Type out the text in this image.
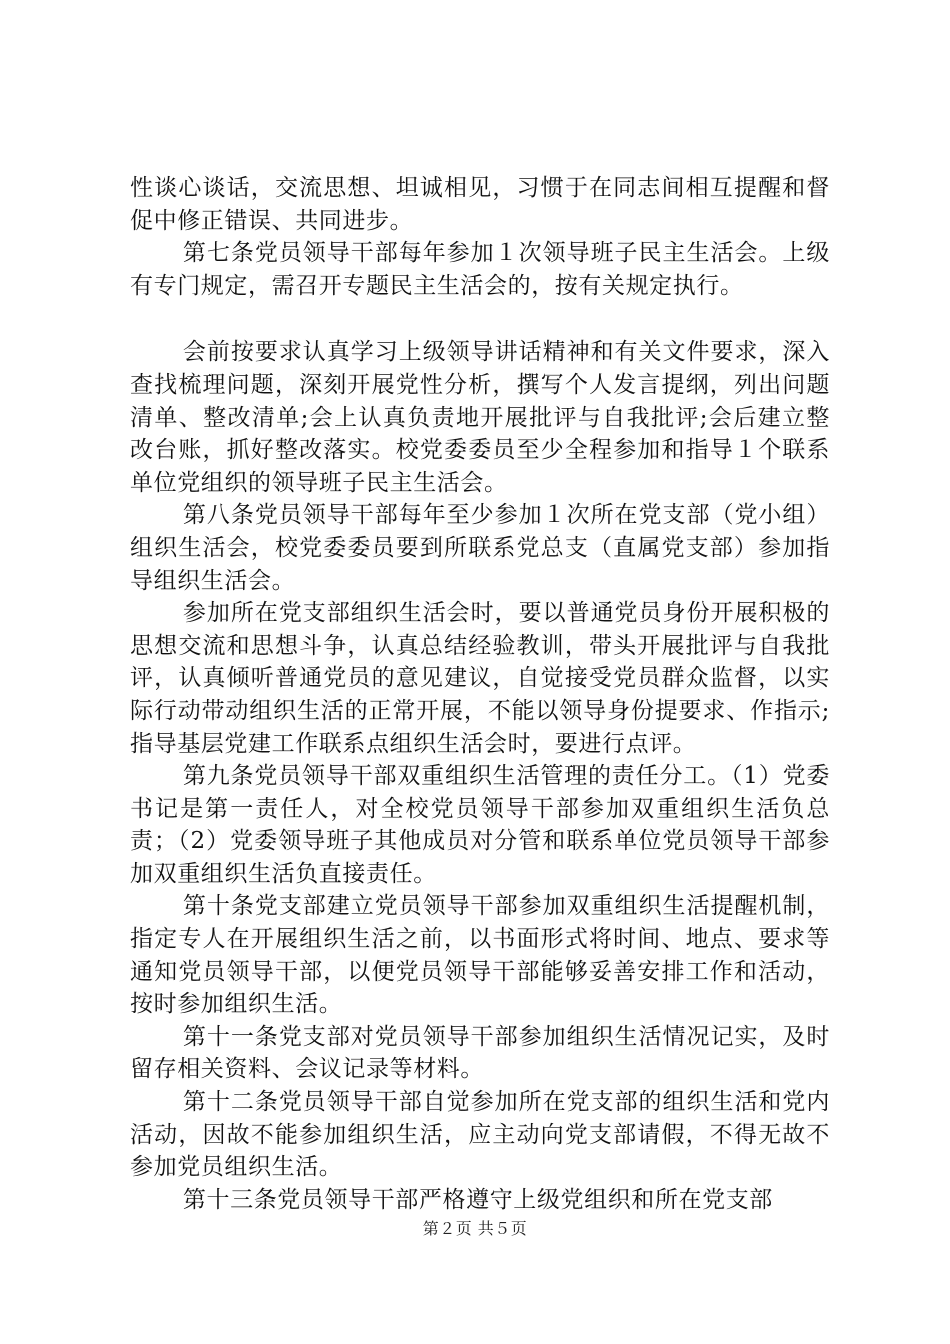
性谈心谈话，交流思想、坦诚相见，习惯于在同志间相互提醒和督促中修正错误、共同进步。

第七条党员领导干部每年参加１次领导班子民主生活会。上级有专门规定，需召开专题民主生活会的，按有关规定执行。

会前按要求认真学习上级领导讲话精神和有关文件要求，深入查找梳理问题，深刻开展党性分析，撰写个人发言提纲，列出问题清单、整改清单;会上认真负责地开展批评与自我批评;会后建立整改台账，抓好整改落实。校党委委员至少全程参加和指导１个联系单位党组织的领导班子民主生活会。

第八条党员领导干部每年至少参加１次所在党支部（党小组）组织生活会，校党委委员要到所联系党总支（直属党支部）参加指导组织生活会。

参加所在党支部组织生活会时，要以普通党员身份开展积极的思想交流和思想斗争，认真总结经验教训，带头开展批评与自我批评，认真倾听普通党员的意见建议，自觉接受党员群众监督，以实际行动带动组织生活的正常开展，不能以领导身份提要求、作指示;指导基层党建工作联系点组织生活会时，要进行点评。

第九条党员领导干部双重组织生活管理的责任分工。（1）党委书记是第一责任人，对全校党员领导干部参加双重组织生活负总责；（2）党委领导班子其他成员对分管和联系单位党员领导干部参加双重组织生活负直接责任。

第十条党支部建立党员领导干部参加双重组织生活提醒机制，指定专人在开展组织生活之前，以书面形式将时间、地点、要求等通知党员领导干部，以便党员领导干部能够妥善安排工作和活动，按时参加组织生活。

第十一条党支部对党员领导干部参加组织生活情况记实，及时留存相关资料、会议记录等材料。

第十二条党员领导干部自觉参加所在党支部的组织生活和党内活动，因故不能参加组织生活，应主动向党支部请假，不得无故不参加党员组织生活。

第十三条党员领导干部严格遵守上级党组织和所在党支部

第２页 共５页
